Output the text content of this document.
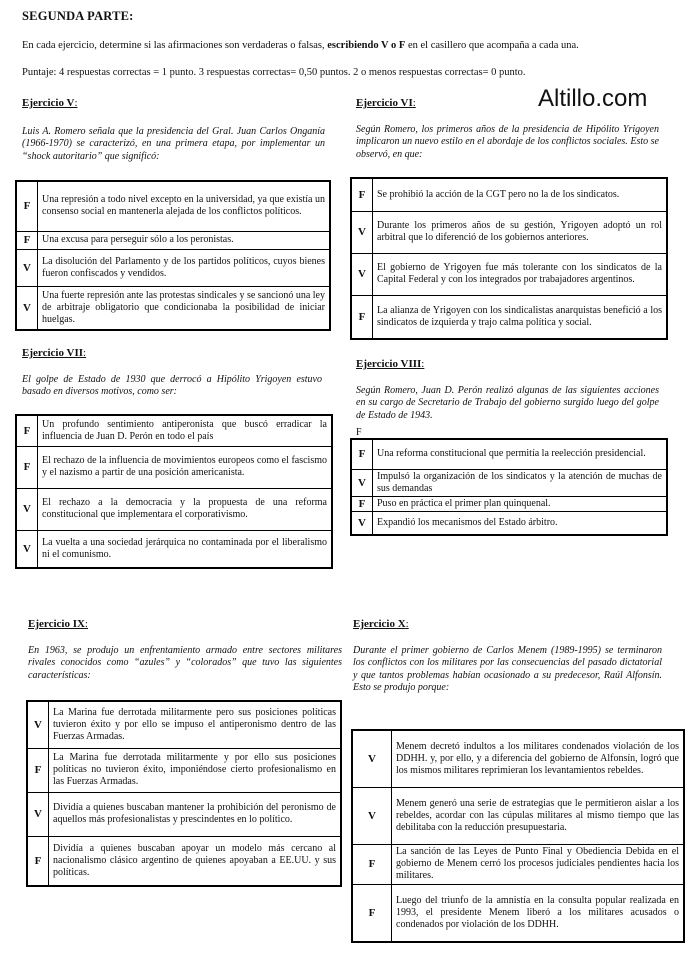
SEGUNDA PARTE:
En cada ejercicio, determine si las afirmaciones son verdaderas o falsas, escribiendo V o F en el casillero que acompaña a cada una.
Puntaje: 4 respuestas correctas = 1 punto. 3 respuestas correctas= 0,50 puntos. 2 o menos respuestas correctas= 0 punto.
Altillo.com
Ejercicio V:
Luis A. Romero señala que la presidencia del Gral. Juan Carlos Onganía (1966-1970) se caracterizó, en una primera etapa, por implementar un “shock autoritario” que significó:
F	Una represión a todo nivel excepto en la universidad, ya que existía un consenso social en mantenerla alejada de los conflictos políticos.
F	Una excusa para perseguir sólo a los peronistas.
V	La disolución del Parlamento y de los partidos políticos, cuyos bienes fueron confiscados y vendidos.
V	Una fuerte represión ante las protestas sindicales y se sancionó una ley de arbitraje obligatorio que condicionaba la posibilidad de iniciar huelgas.
Ejercicio VI:
Según Romero, los primeros años de la presidencia de Hipólito Yrigoyen implicaron un nuevo estilo en el abordaje de los conflictos sociales. Esto se observó, en que:
F	Se prohibió la acción de la CGT pero no la de los sindicatos.
V	Durante los primeros años de su gestión, Yrigoyen adoptó un rol arbitral que lo diferenció de los gobiernos anteriores.
V	El gobierno de Yrigoyen fue más tolerante con los sindicatos de la Capital Federal y con los integrados por trabajadores argentinos.
F	La alianza de Yrigoyen con los sindicalistas anarquistas benefició a los sindicatos de izquierda y trajo calma política y social.
Ejercicio VII:
El golpe de Estado de 1930 que derrocó a Hipólito Yrigoyen estuvo basado en diversos motivos, como ser:
F	Un profundo sentimiento antiperonista que buscó erradicar la influencia de Juan D. Perón en todo el país
F	El rechazo de la influencia de movimientos europeos como el fascismo y el nazismo a partir de una posición americanista.
V	El rechazo a la democracia y la propuesta de una reforma constitucional que implementara el corporativismo.
V	La vuelta a una sociedad jerárquica no contaminada por el liberalismo ni el comunismo.
Ejercicio VIII:
Según Romero, Juan D. Perón realizó algunas de las siguientes acciones en su cargo de Secretario de Trabajo del gobierno surgido luego del golpe de Estado de 1943.
F
F	Una reforma constitucional que permitía la reelección presidencial.
V	Impulsó la organización de los sindicatos y la atención de muchas de sus demandas
F	Puso en práctica el primer plan quinquenal.
V	Expandió los mecanismos del Estado árbitro.
Ejercicio IX:
En 1963, se produjo un enfrentamiento armado entre sectores militares rivales conocidos como “azules” y “colorados” que tuvo las siguientes características:
V	La Marina fue derrotada militarmente pero sus posiciones políticas tuvieron éxito y por ello se impuso el antiperonismo dentro de las Fuerzas Armadas.
F	La Marina fue derrotada militarmente y por ello sus posiciones políticas no tuvieron éxito, imponiéndose cierto profesionalismo en las Fuerzas Armadas.
V	Dividía a quienes buscaban mantener la prohibición del peronismo de aquellos más profesionalistas y prescindentes en lo político.
F	Dividía a quienes buscaban apoyar un modelo más cercano al nacionalismo clásico argentino de quienes apoyaban a EE.UU. y sus políticas.
Ejercicio X:
Durante el primer gobierno de Carlos Menem (1989-1995) se terminaron los conflictos con los militares por las consecuencias del pasado dictatorial y que tantos problemas habían ocasionado a su predecesor, Raúl Alfonsín. Esto se produjo porque:
V	Menem decretó indultos a los militares condenados violación de los DDHH. y, por ello, y a diferencia del gobierno de Alfonsín, logró que los mismos militares reprimieran los levantamientos rebeldes.
V	Menem generó una serie de estrategias que le permitieron aislar a los rebeldes, acordar con las cúpulas militares al mismo tiempo que las debilitaba con la reducción presupuestaria.
F	La sanción de las Leyes de Punto Final y Obediencia Debida en el gobierno de Menem cerró los procesos judiciales pendientes hacia los militares.
F	Luego del triunfo de la amnistía en la consulta popular realizada en 1993, el presidente Menem liberó a los militares acusados o condenados por violación de los DDHH.
